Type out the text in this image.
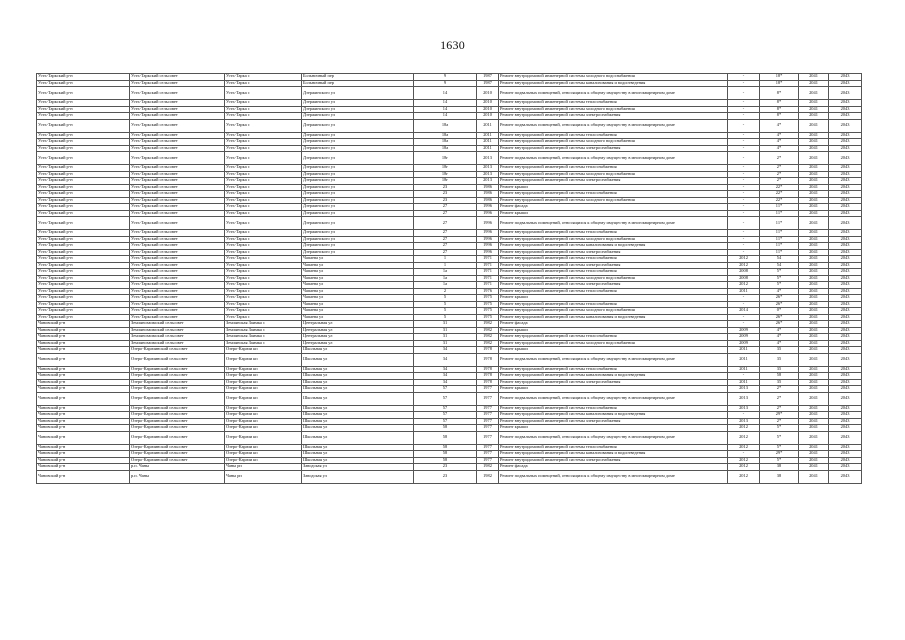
1630
Усть-Таркский р-н	Усть-Таркский сельсовет	Усть-Тарка с	Больничный пер	9	1987	Ремонт внутридомовой инженерной системы холодного водоснабжения	-	18*	2041	2043
Усть-Таркский р-н	Усть-Таркский сельсовет	Усть-Тарка с	Больничный пер	9	1987	Ремонт внутридомовой инженерной системы канализования и водоотведения	-	18*	2041	2043
Усть-Таркский р-н	Усть-Таркский сельсовет	Усть-Тарка с	Дзержинского ул	14	2010	Ремонт подвальных помещений, относящихся к общему имуществу в многоквартирном доме	-	8*	2041	2043
Усть-Таркский р-н	Усть-Таркский сельсовет	Усть-Тарка с	Дзержинского ул	14	2010	Ремонт внутридомовой инженерной системы теплоснабжения	-	8*	2041	2043
Усть-Таркский р-н	Усть-Таркский сельсовет	Усть-Тарка с	Дзержинского ул	14	2010	Ремонт внутридомовой инженерной системы холодного водоснабжения	-	8*	2041	2043
Усть-Таркский р-н	Усть-Таркский сельсовет	Усть-Тарка с	Дзержинского ул	14	2010	Ремонт внутридомовой инженерной системы электроснабжения	-	8*	2041	2043
Усть-Таркский р-н	Усть-Таркский сельсовет	Усть-Тарка с	Дзержинского ул	18а	2011	Ремонт подвальных помещений, относящихся к общему имуществу в многоквартирном доме	-	4*	2041	2043
Усть-Таркский р-н	Усть-Таркский сельсовет	Усть-Тарка с	Дзержинского ул	18а	2011	Ремонт внутридомовой инженерной системы теплоснабжения	-	4*	2041	2043
Усть-Таркский р-н	Усть-Таркский сельсовет	Усть-Тарка с	Дзержинского ул	18а	2011	Ремонт внутридомовой инженерной системы холодного водоснабжения	-	4*	2041	2043
Усть-Таркский р-н	Усть-Таркский сельсовет	Усть-Тарка с	Дзержинского ул	18а	2011	Ремонт внутридомовой инженерной системы электроснабжения	-	4*	2041	2043
Усть-Таркский р-н	Усть-Таркский сельсовет	Усть-Тарка с	Дзержинского ул	18г	2013	Ремонт подвальных помещений, относящихся к общему имуществу в многоквартирном доме	-	2*	2041	2043
Усть-Таркский р-н	Усть-Таркский сельсовет	Усть-Тарка с	Дзержинского ул	18г	2013	Ремонт внутридомовой инженерной системы теплоснабжения	-	2*	2041	2043
Усть-Таркский р-н	Усть-Таркский сельсовет	Усть-Тарка с	Дзержинского ул	18г	2013	Ремонт внутридомовой инженерной системы холодного водоснабжения	-	2*	2041	2043
Усть-Таркский р-н	Усть-Таркский сельсовет	Усть-Тарка с	Дзержинского ул	18г	2013	Ремонт внутридомовой инженерной системы электроснабжения	-	2*	2041	2043
Усть-Таркский р-н	Усть-Таркский сельсовет	Усть-Тарка с	Дзержинского ул	23	1986	Ремонт крыши	-	22*	2041	2043
Усть-Таркский р-н	Усть-Таркский сельсовет	Усть-Тарка с	Дзержинского ул	23	1986	Ремонт внутридомовой инженерной системы теплоснабжения	-	22*	2041	2043
Усть-Таркский р-н	Усть-Таркский сельсовет	Усть-Тарка с	Дзержинского ул	23	1986	Ремонт внутридомовой инженерной системы холодного водоснабжения	-	22*	2041	2043
Усть-Таркский р-н	Усть-Таркский сельсовет	Усть-Тарка с	Дзержинского ул	27	1996	Ремонт фасада	-	11*	2041	2043
Усть-Таркский р-н	Усть-Таркский сельсовет	Усть-Тарка с	Дзержинского ул	27	1996	Ремонт крыши	-	11*	2041	2043
Усть-Таркский р-н	Усть-Таркский сельсовет	Усть-Тарка с	Дзержинского ул	27	1996	Ремонт подвальных помещений, относящихся к общему имуществу в многоквартирном доме	-	11*	2041	2043
Усть-Таркский р-н	Усть-Таркский сельсовет	Усть-Тарка с	Дзержинского ул	27	1996	Ремонт внутридомовой инженерной системы теплоснабжения	-	11*	2041	2043
Усть-Таркский р-н	Усть-Таркский сельсовет	Усть-Тарка с	Дзержинского ул	27	1996	Ремонт внутридомовой инженерной системы холодного водоснабжения	-	11*	2041	2043
Усть-Таркский р-н	Усть-Таркский сельсовет	Усть-Тарка с	Дзержинского ул	27	1996	Ремонт внутридомовой инженерной системы канализования и водоотведения	-	11*	2041	2043
Усть-Таркский р-н	Усть-Таркский сельсовет	Усть-Тарка с	Дзержинского ул	27	1996	Ремонт внутридомовой инженерной системы электроснабжения	-	11*	2041	2043
Усть-Таркский р-н	Усть-Таркский сельсовет	Усть-Тарка с	Чапаева ул	1	1971	Ремонт внутридомовой инженерной системы теплоснабжения	2012	54	2041	2043
Усть-Таркский р-н	Усть-Таркский сельсовет	Усть-Тарка с	Чапаева ул	1	1971	Ремонт внутридомовой инженерной системы электроснабжения	2012	54	2041	2043
Усть-Таркский р-н	Усть-Таркский сельсовет	Усть-Тарка с	Чапаева ул	1а	1971	Ремонт внутридомовой инженерной системы теплоснабжения	2008	5*	2041	2043
Усть-Таркский р-н	Усть-Таркский сельсовет	Усть-Тарка с	Чапаева ул	1а	1971	Ремонт внутридомовой инженерной системы холодного водоснабжения	2008	5*	2041	2043
Усть-Таркский р-н	Усть-Таркский сельсовет	Усть-Тарка с	Чапаева ул	1а	1971	Ремонт внутридомовой инженерной системы электроснабжения	2012	5*	2041	2043
Усть-Таркский р-н	Усть-Таркский сельсовет	Усть-Тарка с	Чапаева ул	2	1976	Ремонт внутридомовой инженерной системы теплоснабжения	2011	4*	2041	2043
Усть-Таркский р-н	Усть-Таркский сельсовет	Усть-Тарка с	Чапаева ул	5	1975	Ремонт крыши	-	26*	2041	2043
Усть-Таркский р-н	Усть-Таркский сельсовет	Усть-Тарка с	Чапаева ул	5	1975	Ремонт внутридомовой инженерной системы теплоснабжения	-	26*	2041	2043
Усть-Таркский р-н	Усть-Таркский сельсовет	Усть-Тарка с	Чапаева ул	5	1975	Ремонт внутридомовой инженерной системы холодного водоснабжения	2014	0*	2041	2043
Усть-Таркский р-н	Усть-Таркский сельсовет	Усть-Тарка с	Чапаева ул	5	1975	Ремонт внутридомовой инженерной системы канализования и водоотведения	-	26*	2041	2043
Чановский р-н	Землянозаимский сельсовет	Землянская Заимка с	Центральная ул	31	1982	Ремонт фасада	-	26*	2041	2043
Чановский р-н	Землянозаимский сельсовет	Землянская Заимка с	Центральная ул	31	1982	Ремонт крыши	2009	4*	2041	2043
Чановский р-н	Землянозаимский сельсовет	Землянская Заимка с	Центральная ул	31	1982	Ремонт внутридомовой инженерной системы теплоснабжения	2009	4*	2041	2043
Чановский р-н	Землянозаимский сельсовет	Землянская Заимка с	Центральная ул	31	1982	Ремонт внутридомовой инженерной системы холодного водоснабжения	2009	4*	2041	2043
Чановский р-н	Озеро-Карачинский сельсовет	Озеро-Карачи кп	Школьная ул	34	1978	Ремонт крыши	2011	35	2041	2043
Чановский р-н	Озеро-Карачинский сельсовет	Озеро-Карачи кп	Школьная ул	34	1978	Ремонт подвальных помещений, относящихся к общему имуществу в многоквартирном доме	2011	35	2041	2043
Чановский р-н	Озеро-Карачинский сельсовет	Озеро-Карачи кп	Школьная ул	34	1978	Ремонт внутридомовой инженерной системы теплоснабжения	2011	35	2041	2043
Чановский р-н	Озеро-Карачинский сельсовет	Озеро-Карачи кп	Школьная ул	34	1978	Ремонт внутридомовой инженерной системы канализования и водоотведения	-	58	2041	2043
Чановский р-н	Озеро-Карачинский сельсовет	Озеро-Карачи кп	Школьная ул	34	1978	Ремонт внутридомовой инженерной системы электроснабжения	2011	35	2041	2043
Чановский р-н	Озеро-Карачинский сельсовет	Озеро-Карачи кп	Школьная ул	57	1977	Ремонт крыши	2013	2*	2041	2043
Чановский р-н	Озеро-Карачинский сельсовет	Озеро-Карачи кп	Школьная ул	57	1977	Ремонт подвальных помещений, относящихся к общему имуществу в многоквартирном доме	2013	2*	2041	2043
Чановский р-н	Озеро-Карачинский сельсовет	Озеро-Карачи кп	Школьная ул	57	1977	Ремонт внутридомовой инженерной системы теплоснабжения	2013	2*	2041	2043
Чановский р-н	Озеро-Карачинский сельсовет	Озеро-Карачи кп	Школьная ул	57	1977	Ремонт внутридомовой инженерной системы канализования и водоотведения	-	29*	2041	2043
Чановский р-н	Озеро-Карачинский сельсовет	Озеро-Карачи кп	Школьная ул	57	1977	Ремонт внутридомовой инженерной системы электроснабжения	2013	2*	2041	2043
Чановский р-н	Озеро-Карачинский сельсовет	Озеро-Карачи кп	Школьная ул	58	1977	Ремонт крыши	2012	5*	2041	2043
Чановский р-н	Озеро-Карачинский сельсовет	Озеро-Карачи кп	Школьная ул	58	1977	Ремонт подвальных помещений, относящихся к общему имуществу в многоквартирном доме	2012	5*	2041	2043
Чановский р-н	Озеро-Карачинский сельсовет	Озеро-Карачи кп	Школьная ул	58	1977	Ремонт внутридомовой инженерной системы теплоснабжения	2012	5*	2041	2043
Чановский р-н	Озеро-Карачинский сельсовет	Озеро-Карачи кп	Школьная ул	58	1977	Ремонт внутридомовой инженерной системы канализования и водоотведения	-	29*	2041	2043
Чановский р-н	Озеро-Карачинский сельсовет	Озеро-Карачи кп	Школьная ул	58	1977	Ремонт внутридомовой инженерной системы электроснабжения	2012	5*	2041	2043
Чановский р-н	р.п. Чаны	Чаны рп	Заводская ул	23	1982	Ремонт фасада	2012	38	2041	2043
Чановский р-н	р.п. Чаны	Чаны рп	Заводская ул	23	1982	Ремонт подвальных помещений, относящихся к общему имуществу в многоквартирном доме	2012	38	2041	2043
